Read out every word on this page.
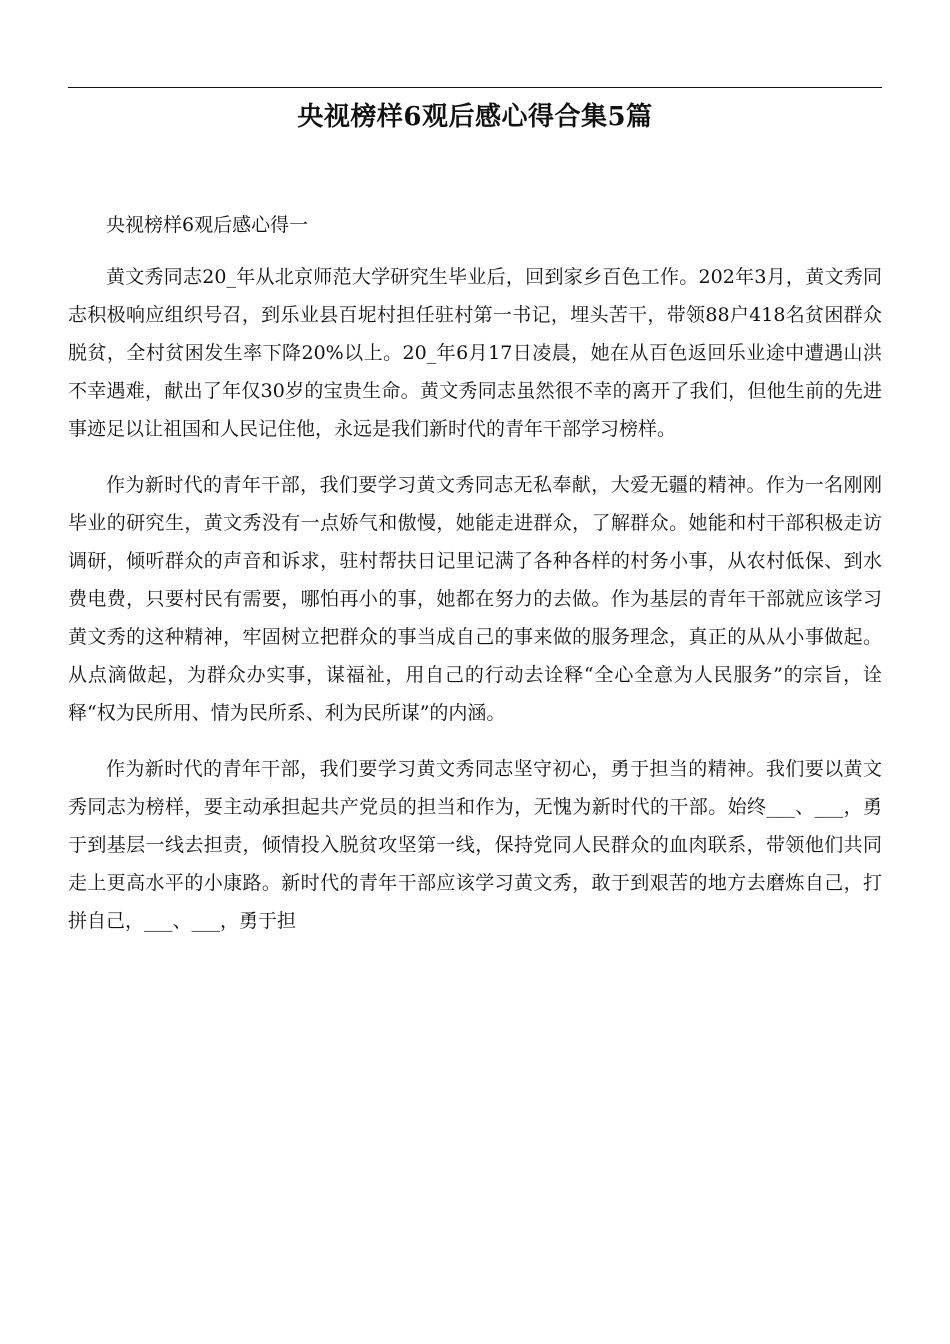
央视榜样6观后感心得合集5篇

央视榜样6观后感心得一

黄文秀同志20_年从北京师范大学研究生毕业后，回到家乡百色工作。202年3月，黄文秀同志积极响应组织号召，到乐业县百坭村担任驻村第一书记，埋头苦干，带领88户418名贫困群众脱贫，全村贫困发生率下降20%以上。20_年6月17日凌晨，她在从百色返回乐业途中遭遇山洪不幸遇难，献出了年仅30岁的宝贵生命。黄文秀同志虽然很不幸的离开了我们，但他生前的先进事迹足以让祖国和人民记住他，永远是我们新时代的青年干部学习榜样。

作为新时代的青年干部，我们要学习黄文秀同志无私奉献，大爱无疆的精神。作为一名刚刚毕业的研究生，黄文秀没有一点娇气和傲慢，她能走进群众，了解群众。她能和村干部积极走访调研，倾听群众的声音和诉求，驻村帮扶日记里记满了各种各样的村务小事，从农村低保、到水费电费，只要村民有需要，哪怕再小的事，她都在努力的去做。作为基层的青年干部就应该学习黄文秀的这种精神，牢固树立把群众的事当成自己的事来做的服务理念，真正的从从小事做起。从点滴做起，为群众办实事，谋福祉，用自己的行动去诠释“全心全意为人民服务”的宗旨，诠释“权为民所用、情为民所系、利为民所谋”的内涵。

作为新时代的青年干部，我们要学习黄文秀同志坚守初心，勇于担当的精神。我们要以黄文秀同志为榜样，要主动承担起共产党员的担当和作为，无愧为新时代的干部。始终___、___，勇于到基层一线去担责，倾情投入脱贫攻坚第一线，保持党同人民群众的血肉联系，带领他们共同走上更高水平的小康路。新时代的青年干部应该学习黄文秀，敢于到艰苦的地方去磨炼自己，打拼自己，___、___，勇于担
